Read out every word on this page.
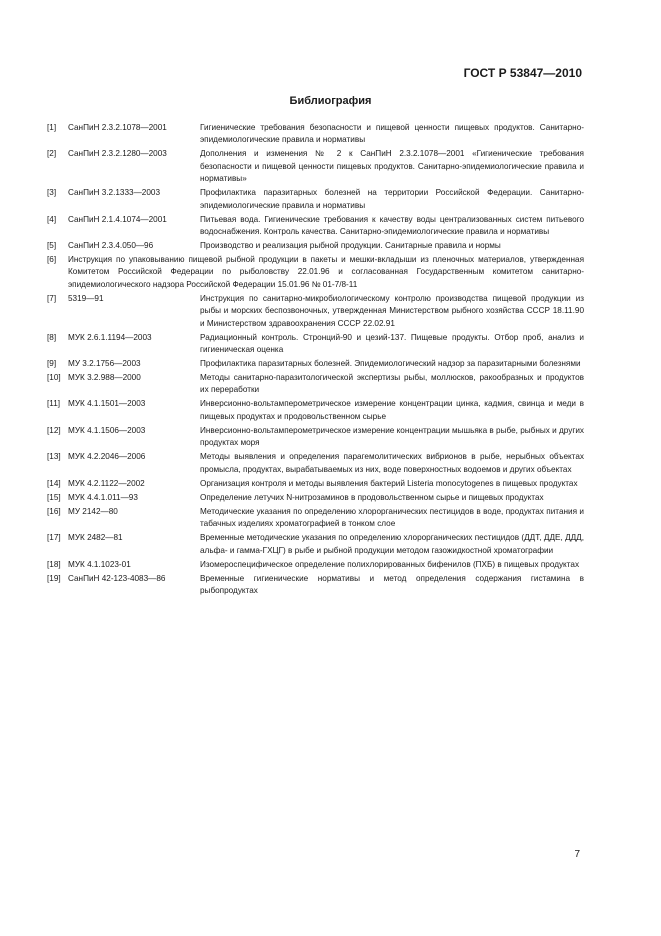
ГОСТ Р 53847—2010
Библиография
[1] СанПиН 2.3.2.1078—2001	Гигиенические требования безопасности и пищевой ценности пищевых продуктов. Санитарно-эпидемиологические правила и нормативы
[2] СанПиН 2.3.2.1280—2003	Дополнения и изменения № 2 к СанПиН 2.3.2.1078—2001 «Гигиенические требования безопасности и пищевой ценности пищевых продуктов. Санитарно-эпидемиологические правила и нормативы»
[3] СанПиН 3.2.1333—2003	Профилактика паразитарных болезней на территории Российской Федерации. Санитарно-эпидемиологические правила и нормативы
[4] СанПиН 2.1.4.1074—2001	Питьевая вода. Гигиенические требования к качеству воды централизованных систем питьевого водоснабжения. Контроль качества. Санитарно-эпидемиологические правила и нормативы
[5] СанПиН 2.3.4.050—96	Производство и реализация рыбной продукции. Санитарные правила и нормы
[6] Инструкция по упаковыванию пищевой рыбной продукции в пакеты и мешки-вкладыши из пленочных материалов, утвержденная Комитетом Российской Федерации по рыболовству 22.01.96 и согласованная Государственным комитетом санитарно-эпидемиологического надзора Российской Федерации 15.01.96 № 01-7/8-11
[7] 5319—91	Инструкция по санитарно-микробиологическому контролю производства пищевой продукции из рыбы и морских беспозвоночных, утвержденная Министерством рыбного хозяйства СССР 18.11.90 и Министерством здравоохранения СССР 22.02.91
[8] МУК 2.6.1.1194—2003	Радиационный контроль. Стронций-90 и цезий-137. Пищевые продукты. Отбор проб, анализ и гигиеническая оценка
[9] МУ 3.2.1756—2003	Профилактика паразитарных болезней. Эпидемиологический надзор за паразитарными болезнями
[10] МУК 3.2.988—2000	Методы санитарно-паразитологической экспертизы рыбы, моллюсков, ракообразных и продуктов их переработки
[11] МУК 4.1.1501—2003	Инверсионно-вольтамперометрическое измерение концентрации цинка, кадмия, свинца и меди в пищевых продуктах и продовольственном сырье
[12] МУК 4.1.1506—2003	Инверсионно-вольтамперометрическое измерение концентрации мышьяка в рыбе, рыбных и других продуктах моря
[13] МУК 4.2.2046—2006	Методы выявления и определения парагемолитических вибрионов в рыбе, нерыбных объектах промысла, продуктах, вырабатываемых из них, воде поверхностных водоемов и других объектах
[14] МУК 4.2.1122—2002	Организация контроля и методы выявления бактерий Listeria monocytogenes в пищевых продуктах
[15] МУК 4.4.1.011—93	Определение летучих N-нитрозаминов в продовольственном сырье и пищевых продуктах
[16] МУ 2142—80	Методические указания по определению хлорорганических пестицидов в воде, продуктах питания и табачных изделиях хроматографией в тонком слое
[17] МУК 2482—81	Временные методические указания по определению хлорорганических пестицидов (ДДТ, ДДЕ, ДДД, альфа- и гамма-ГХЦГ) в рыбе и рыбной продукции методом газожидкостной хроматографии
[18] МУК 4.1.1023-01	Изомероспецифическое определение полихлорированных бифенилов (ПХБ) в пищевых продуктах
[19] СанПиН 42-123-4083—86	Временные гигиенические нормативы и метод определения содержания гистамина в рыбопродуктах
7
